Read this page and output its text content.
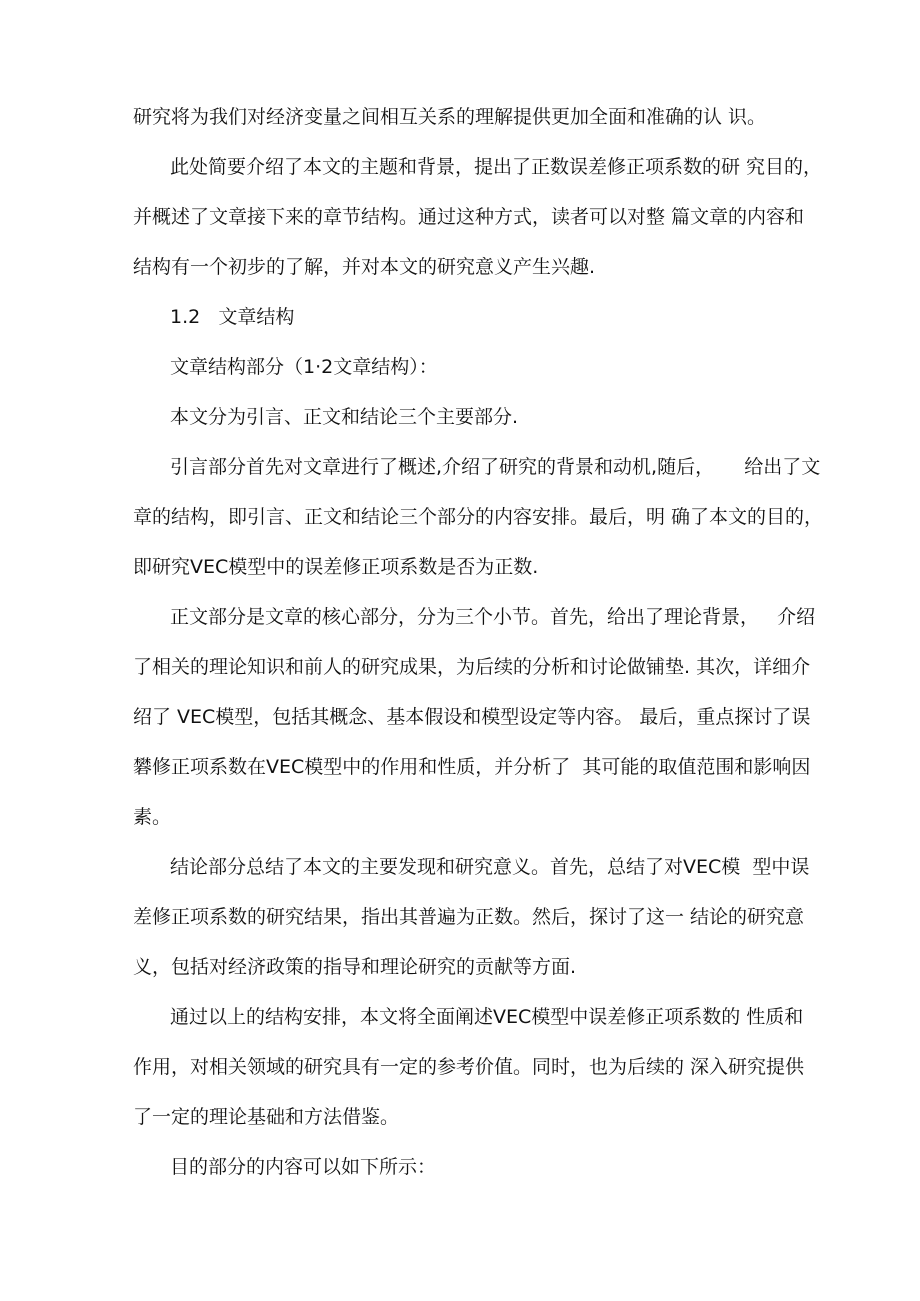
研究将为我们对经济变量之间相互关系的理解提供更加全面和准确的认 识。
此处简要介绍了本文的主题和背景，提出了正数误差修正项系数的研 究目的，
并概述了文章接下来的章节结构。通过这种方式，读者可以对整 篇文章的内容和
结构有一个初步的了解，并对本文的研究意义产生兴趣.
1.2   文章结构
文章结构部分（1·2文章结构）：
本文分为引言、正文和结论三个主要部分.
引言部分首先对文章进行了概述,介绍了研究的背景和动机,随后，     给出了文
章的结构，即引言、正文和结论三个部分的内容安排。最后，明 确了本文的目的，
即研究VEC模型中的误差修正项系数是否为正数.
正文部分是文章的核心部分，分为三个小节。首先，给出了理论背景，   介绍
了相关的理论知识和前人的研究成果，为后续的分析和讨论做铺垫. 其次，详细介
绍了 VEC模型，包括其概念、基本假设和模型设定等内容。 最后，重点探讨了误
礬修正项系数在VEC模型中的作用和性质，并分析了  其可能的取值范围和影响因
素。
结论部分总结了本文的主要发现和研究意义。首先，总结了对VEC模  型中误
差修正项系数的研究结果，指出其普遍为正数。然后，探讨了这一 结论的研究意
义，包括对经济政策的指导和理论研究的贡献等方面.
通过以上的结构安排，本文将全面阐述VEC模型中误差修正项系数的 性质和
作用，对相关领域的研究具有一定的参考价值。同时，也为后续的 深入研究提供
了一定的理论基础和方法借鉴。
目的部分的内容可以如下所示：
